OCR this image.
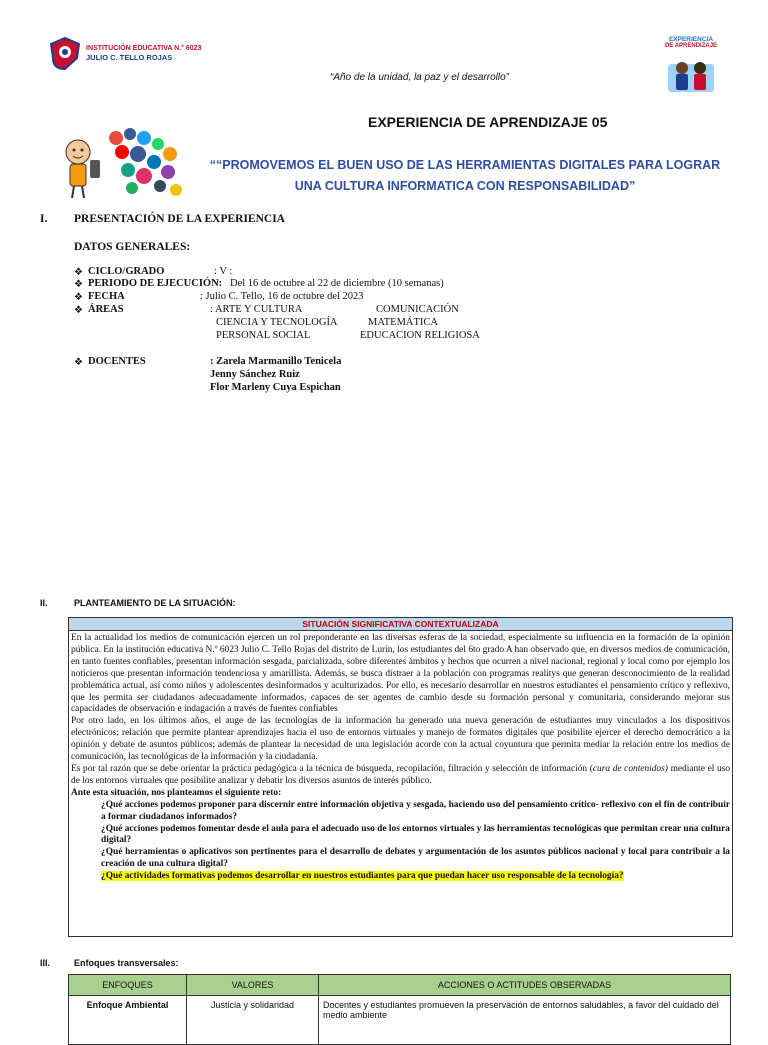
INSTITUCIÓN EDUCATIVA N.° 6023
JULIO C. TELLO ROJAS
“Año de la unidad, la paz y el desarrollo”
EXPERIENCIA
DE APRENDIZAJE
EXPERIENCIA DE APRENDIZAJE 05
““PROMOVEMOS EL BUEN USO DE LAS HERRAMIENTAS DIGITALES PARA LOGRAR UNA CULTURA INFORMATICA CON RESPONSABILIDAD”
I. PRESENTACIÓN DE LA EXPERIENCIA
DATOS GENERALES:
❖ CICLO/GRADO	: V :
❖ PERIODO DE EJECUCIÓN: Del 16 de octubre al 22 de diciembre (10 semanas)
❖ FECHA	: Julio C. Tello, 16 de octubre del 2023
❖ ÁREAS	: ARTE Y CULTURA	COMUNICACIÓN
CIENCIA Y TECNOLOGÍA	MATEMÁTICA
PERSONAL SOCIAL	EDUCACION RELIGIOSA
❖ DOCENTES	: Zarela Marmanillo Tenicela
Jenny Sánchez Ruiz
Flor Marleny Cuya Espichan
II.	PLANTEAMIENTO DE LA SITUACIÓN:
SITUACIÓN SIGNIFICATIVA CONTEXTUALIZADA

En la actualidad los medios de comunicación ejercen un rol preponderante en las diversas esferas de la sociedad, especialmente su influencia en la formación de la opinión pública. En la institución educativa N.º 6023 Julio C. Tello Rojas del distrito de Lurín, los estudiantes del 6to grado A han observado que, en diversos medios de comunicación, en tanto fuentes confiables, presentan información sesgada, parcializada, sobre diferentes ámbitos y hechos que ocurren a nivel nacional, regional y local como por ejemplo los noticieros que presentan información tendenciosa y amarillista. Además, se busca distraer a la población con programas realitys que generan desconocimiento de la realidad problemática actual, así como niños y adolescentes desinformados y aculturizados. Por ello, es necesario desarrollar en nuestros estudiantes el pensamiento crítico y reflexivo, que les permita ser ciudadanos adecuadamente informados, capaces de ser agentes de cambio desde su formación personal y comunitaria, considerando mejorar sus capacidades de observación e indagación a través de fuentes confiables

Por otro lado, en los últimos años, el auge de las tecnologías de la información ha generado una nueva generación de estudiantes muy vinculados a los dispositivos electrónicos; relación que permite plantear aprendizajes hacia el uso de entornos virtuales y manejo de formatos digitales que posibilite ejercer el derecho democrático a la opinión y debate de asuntos públicos; además de plantear la necesidad de una legislación acorde con la actual coyuntura que permita mediar la relación entre los medios de comunicación, las tecnológicas de la información y la ciudadanía.

Es por tal razón que se debe orientar la práctica pedagógica a la técnica de búsqueda, recopilación, filtración y selección de información (cura de contenidos) mediante el uso de los entornos virtuales que posibilite analizar y debatir los diversos asuntos de interés público.

Ante esta situación, nos planteamos el siguiente reto:

¿Qué acciones podemos proponer para discernir entre información objetiva y sesgada, haciendo uso del pensamiento crítico- reflexivo con el fin de contribuir a formar ciudadanos informados?

¿Qué acciones podemos fomentar desde el aula para el adecuado uso de los entornos virtuales y las herramientas tecnológicas que permitan crear una cultura digital?

¿Qué herramientas o aplicativos son pertinentes para el desarrollo de debates y argumentación de los asuntos públicos nacional y local para contribuir a la creación de una cultura digital?

¿Qué actividades formativas podemos desarrollar en nuestros estudiantes para que puedan hacer uso responsable de la tecnología?

III.	Enfoques transversales:
ENFOQUES	VALORES	ACCIONES O ACTITUDES OBSERVADAS
Enfoque Ambiental	Justicia y solidaridad	Docentes y estudiantes promueven la preservación de entornos saludables, a favor del cuidado del medio ambiente
